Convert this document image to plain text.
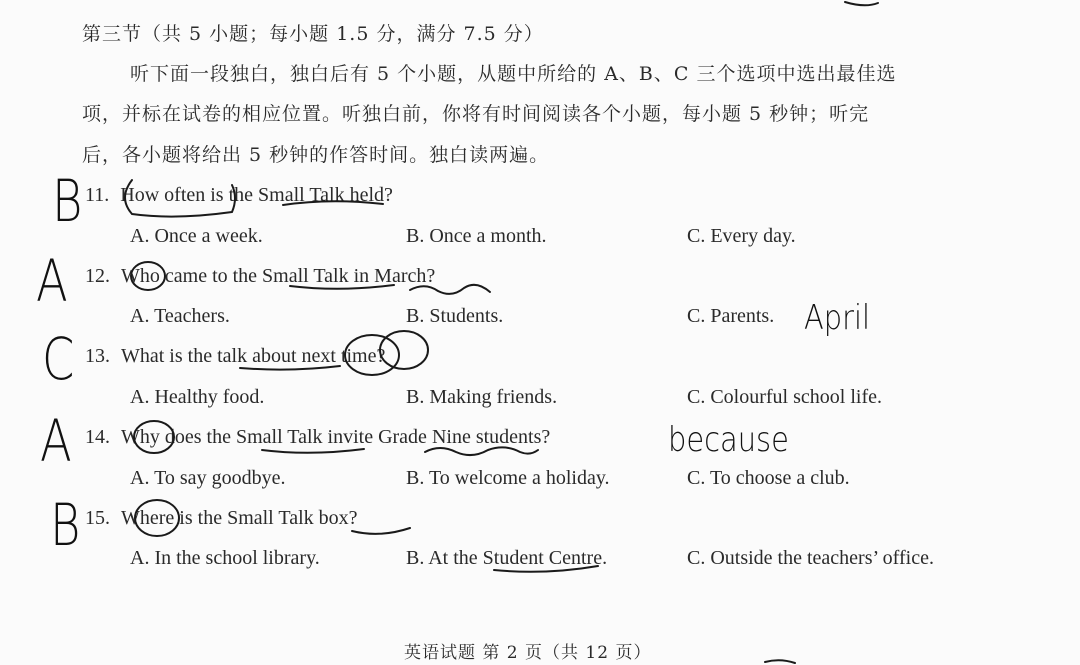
第三节（共 5 小题；每小题 1.5 分，满分 7.5 分）
听下面一段独白，独白后有 5 个小题，从题中所给的 A、B、C 三个选项中选出最佳选
项，并标在试卷的相应位置。听独白前，你将有时间阅读各个小题，每小题 5 秒钟；听完
后，各小题将给出 5 秒钟的作答时间。独白读两遍。
11. How often is the Small Talk held?
A. Once a week.	B. Once a month.	C. Every day.
12. Who came to the Small Talk in March?
A. Teachers.	B. Students.	C. Parents.
13. What is the talk about next time?
A. Healthy food.	B. Making friends.	C. Colourful school life.
14. Why does the Small Talk invite Grade Nine students?
A. To say goodbye.	B. To welcome a holiday.	C. To choose a club.
15. Where is the Small Talk box?
A. In the school library.	B. At the Student Centre.	C. Outside the teachers’ office.
B
A
C
A
B
April
because
英语试题 第 2 页（共 12 页）
